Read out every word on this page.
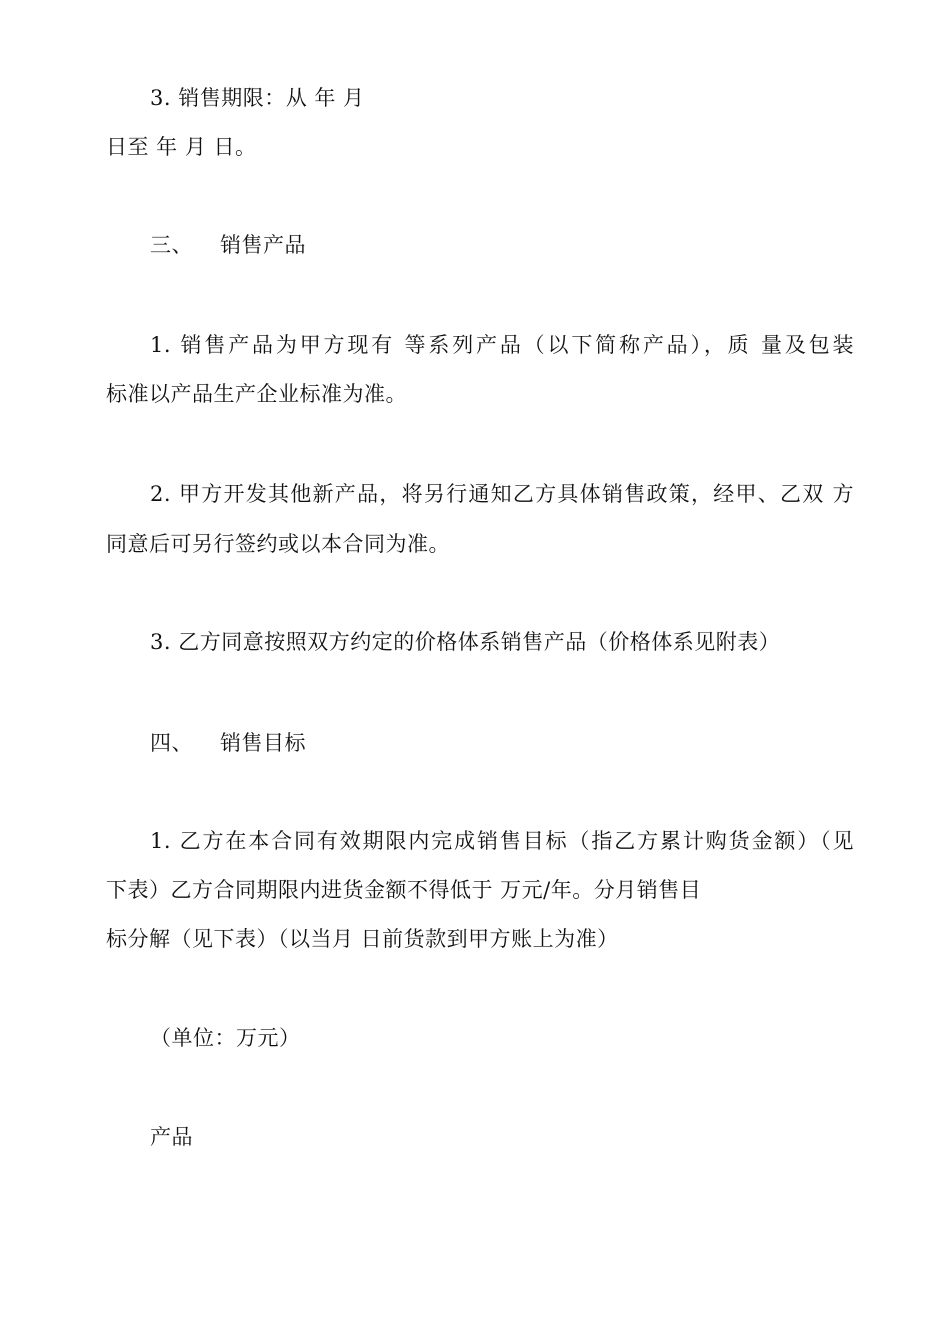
3. 销售期限：从 年 月
日至 年 月 日。
三、 销售产品
1. 销售产品为甲方现有 等系列产品（以下简称产品），质 量及包装
标准以产品生产企业标准为准。
2. 甲方开发其他新产品，将另行通知乙方具体销售政策，经甲、乙双 方
同意后可另行签约或以本合同为准。
3. 乙方同意按照双方约定的价格体系销售产品（价格体系见附表）
四、 销售目标
1. 乙方在本合同有效期限内完成销售目标（指乙方累计购货金额）（见
下表）乙方合同期限内进货金额不得低于 万元/年。分月销售目
标分解（见下表）（以当月 日前货款到甲方账上为准）
（单位：万元）
产品
